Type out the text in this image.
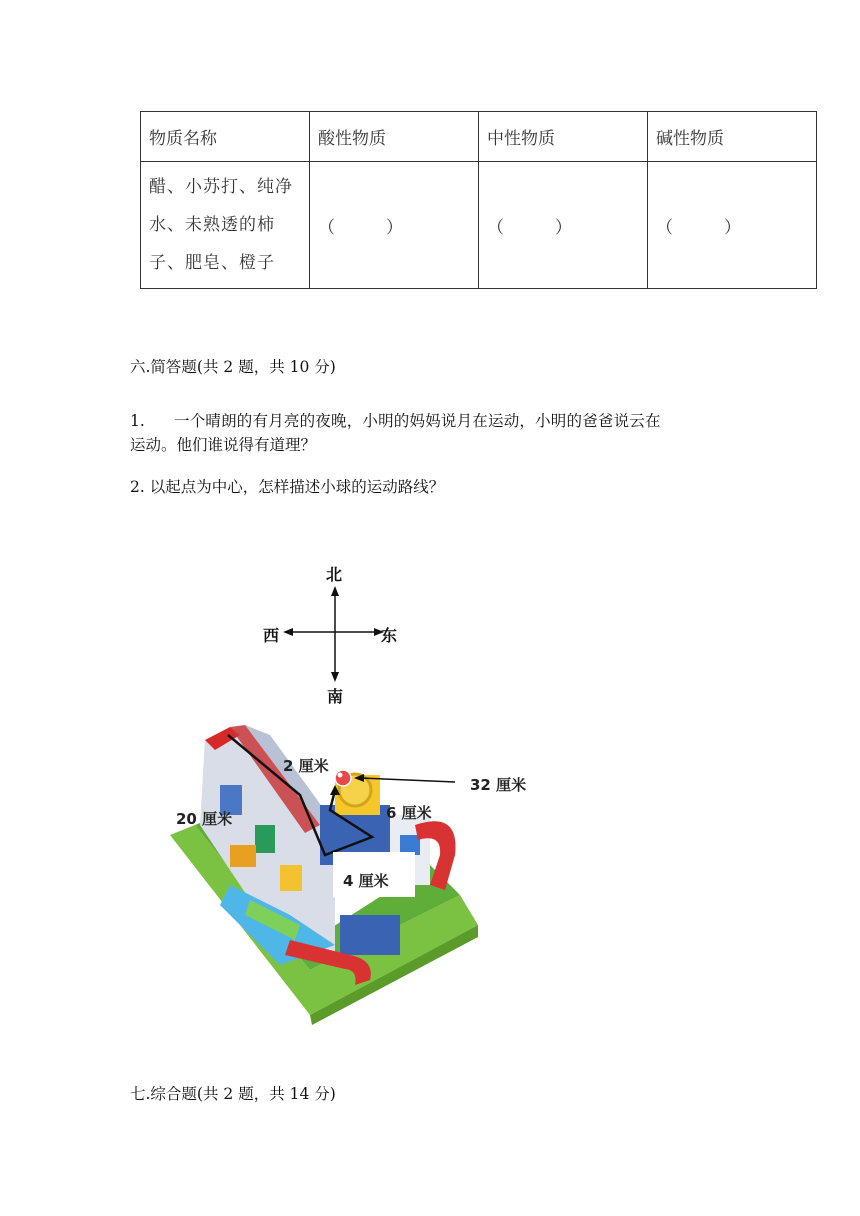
物质名称	酸性物质	中性物质	碱性物质

醋、小苏打、纯净
水、未熟透的柿
子、肥皂、橙子	（　　　）	（　　　）	（　　　）
六.简答题(共 2 题，共 10 分)
1. 一个晴朗的有月亮的夜晚，小明的妈妈说月在运动，小明的爸爸说云在
运动。他们谁说得有道理？
2. 以起点为中心，怎样描述小球的运动路线？
北
南
西	东
2 厘米
32 厘米
20 厘米	6 厘米
4 厘米
七.综合题(共 2 题，共 14 分)
